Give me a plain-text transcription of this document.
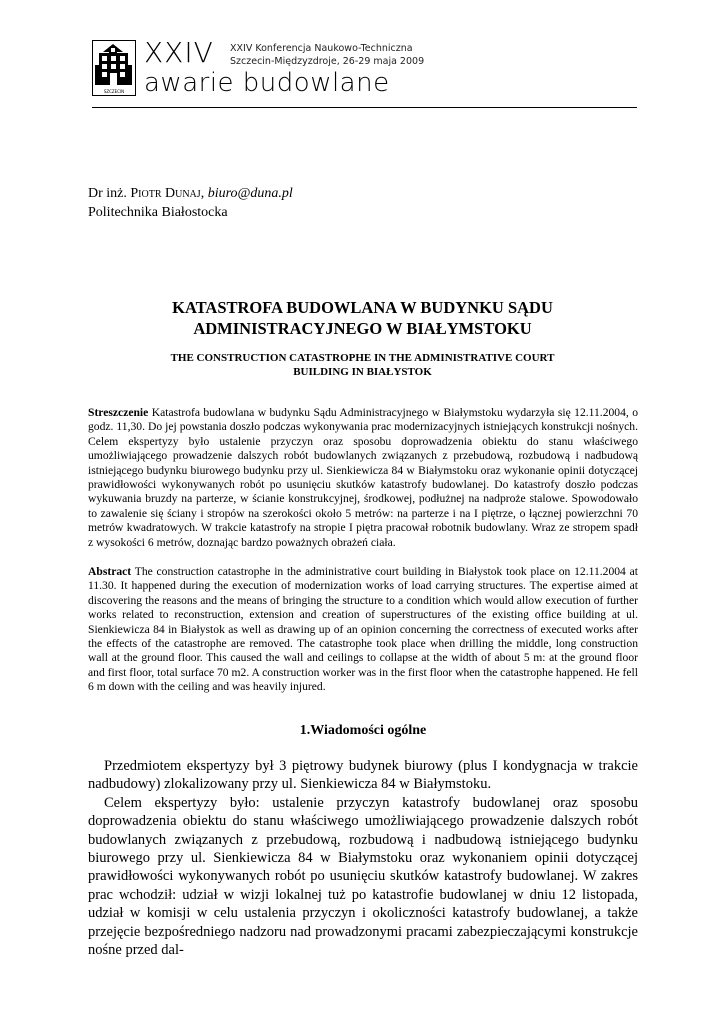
SZCZECIN
XXIV XXIV Konferencja Naukowo-Techniczna
Szczecin-Międzyzdroje, 26-29 maja 2009
awarie budowlane
Dr inż. Piotr Dunaj, biuro@duna.pl
Politechnika Białostocka
KATASTROFA BUDOWLANA W BUDYNKU SĄDU
ADMINISTRACYJNEGO W BIAŁYMSTOKU
THE CONSTRUCTION CATASTROPHE IN THE ADMINISTRATIVE COURT
BUILDING IN BIAŁYSTOK
Streszczenie Katastrofa budowlana w budynku Sądu Administracyjnego w Białymstoku wydarzyła się 12.11.2004, o godz. 11,30. Do jej powstania doszło podczas wykonywania prac modernizacyjnych istniejących konstrukcji nośnych. Celem ekspertyzy było ustalenie przyczyn oraz sposobu doprowadzenia obiektu do stanu właściwego umożliwiającego prowadzenie dalszych robót budowlanych związanych z przebudową, rozbudową i nadbudową istniejącego budynku biurowego budynku przy ul. Sienkiewicza 84 w Białymstoku oraz wykonanie opinii dotyczącej prawidłowości wykonywanych robót po usunięciu skutków katastrofy budowlanej. Do katastrofy doszło podczas wykuwania bruzdy na parterze, w ścianie konstrukcyjnej, środkowej, podłużnej na nadproże stalowe. Spowodowało to zawalenie się ściany i stropów na szerokości około 5 metrów: na parterze i na I piętrze, o łącznej powierzchni 70 metrów kwadratowych. W trakcie katastrofy na stropie I piętra pracował robotnik budowlany. Wraz ze stropem spadł z wysokości 6 metrów, doznając bardzo poważnych obrażeń ciała.
Abstract The construction catastrophe in the administrative court building in Białystok took place on 12.11.2004 at 11.30. It happened during the execution of modernization works of load carrying structures. The expertise aimed at discovering the reasons and the means of bringing the structure to a condition which would allow execution of further works related to reconstruction, extension and creation of superstructures of the existing office building at ul. Sienkiewicza 84 in Białystok as well as drawing up of an opinion concerning the correctness of executed works after the effects of the catastrophe are removed. The catastrophe took place when drilling the middle, long construction wall at the ground floor. This caused the wall and ceilings to collapse at the width of about 5 m: at the ground floor and first floor, total surface 70 m2. A construction worker was in the first floor when the catastrophe happened. He fell 6 m down with the ceiling and was heavily injured.
1.Wiadomości ogólne

Przedmiotem ekspertyzy był 3 piętrowy budynek biurowy (plus I kondygnacja w trakcie nadbudowy) zlokalizowany przy ul. Sienkiewicza 84 w Białymstoku.

Celem ekspertyzy było: ustalenie przyczyn katastrofy budowlanej oraz sposobu doprowadzenia obiektu do stanu właściwego umożliwiającego prowadzenie dalszych robót budowlanych związanych z przebudową, rozbudową i nadbudową istniejącego budynku biurowego przy ul. Sienkiewicza 84 w Białymstoku oraz wykonaniem opinii dotyczącej prawidłowości wykonywanych robót po usunięciu skutków katastrofy budowlanej. W zakres prac wchodził: udział w wizji lokalnej tuż po katastrofie budowlanej w dniu 12 listopada, udział w komisji w celu ustalenia przyczyn i okoliczności katastrofy budowlanej, a także przejęcie bezpośredniego nadzoru nad prowadzonymi pracami zabezpieczającymi konstrukcje nośne przed dal-
